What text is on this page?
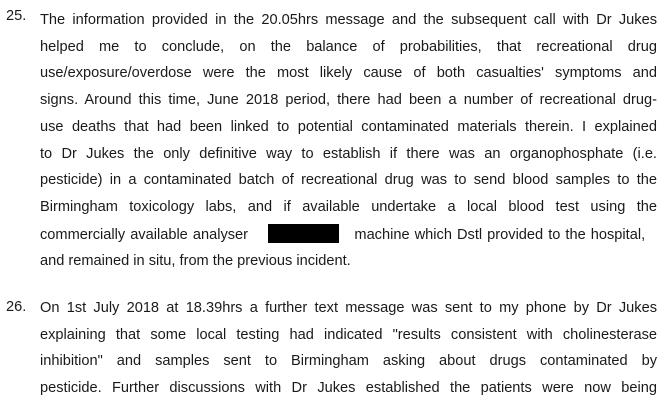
25. The information provided in the 20.05hrs message and the subsequent call with Dr Jukes
helped me to conclude, on the balance of probabilities, that recreational drug
use/exposure/overdose were the most likely cause of both casualties' symptoms and
signs. Around this time, June 2018 period, there had been a number of recreational drug-
use deaths that had been linked to potential contaminated materials therein. I explained
to Dr Jukes the only definitive way to establish if there was an organophosphate (i.e.
pesticide) in a contaminated batch of recreational drug was to send blood samples to the
Birmingham toxicology labs, and if available undertake a local blood test using the
commercially available analyser	machine which Dstl provided to the hospital,
and remained in situ, from the previous incident.
26. On 1st July 2018 at 18.39hrs a further text message was sent to my phone by Dr Jukes
explaining that some local testing had indicated "results consistent with cholinesterase
inhibition" and samples sent to Birmingham asking about drugs contaminated by
pesticide. Further discussions with Dr Jukes established the patients were now being
